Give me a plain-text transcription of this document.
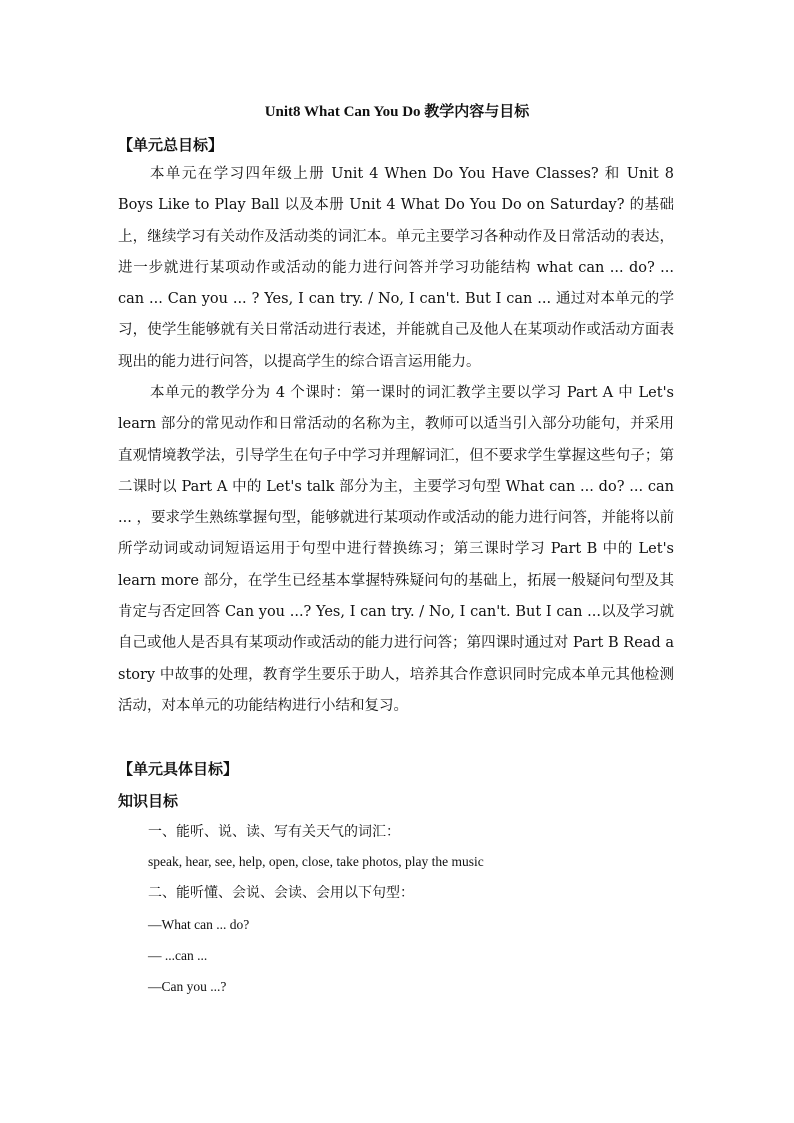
Unit8 What Can You Do 教学内容与目标
【单元总目标】

本单元在学习四年级上册 Unit 4 When Do You Have Classes? 和 Unit 8 Boys Like to Play Ball 以及本册 Unit 4 What Do You Do on Saturday? 的基础上，继续学习有关动作及活动类的词汇本。单元主要学习各种动作及日常活动的表达，进一步就进行某项动作或活动的能力进行问答并学习功能结构 what can ... do? ... can ... Can you ... ? Yes, I can try. / No, I can't. But I can ... 通过对本单元的学习，使学生能够就有关日常活动进行表述，并能就自己及他人在某项动作或活动方面表现出的能力进行问答，以提高学生的综合语言运用能力。

本单元的教学分为 4 个课时：第一课时的词汇教学主要以学习 Part A 中 Let's learn 部分的常见动作和日常活动的名称为主，教师可以适当引入部分功能句，并采用直观情境教学法，引导学生在句子中学习并理解词汇，但不要求学生掌握这些句子；第二课时以 Part A 中的 Let's talk 部分为主，主要学习句型 What can ... do? ... can ... ，要求学生熟练掌握句型，能够就进行某项动作或活动的能力进行问答，并能将以前所学动词或动词短语运用于句型中进行替换练习；第三课时学习 Part B 中的 Let's learn more 部分，在学生已经基本掌握特殊疑问句的基础上，拓展一般疑问句型及其肯定与否定回答 Can you ...? Yes, I can try. / No, I can't. But I can ...以及学习就自己或他人是否具有某项动作或活动的能力进行问答；第四课时通过对 Part B Read a story 中故事的处理，教育学生要乐于助人，培养其合作意识同时完成本单元其他检测活动，对本单元的功能结构进行小结和复习。

【单元具体目标】
知识目标
一、能听、说、读、写有关天气的词汇：
speak, hear, see, help, open, close, take photos, play the music
二、能听懂、会说、会读、会用以下句型：
—What can ... do?
— ...can ...
—Can you ...?
